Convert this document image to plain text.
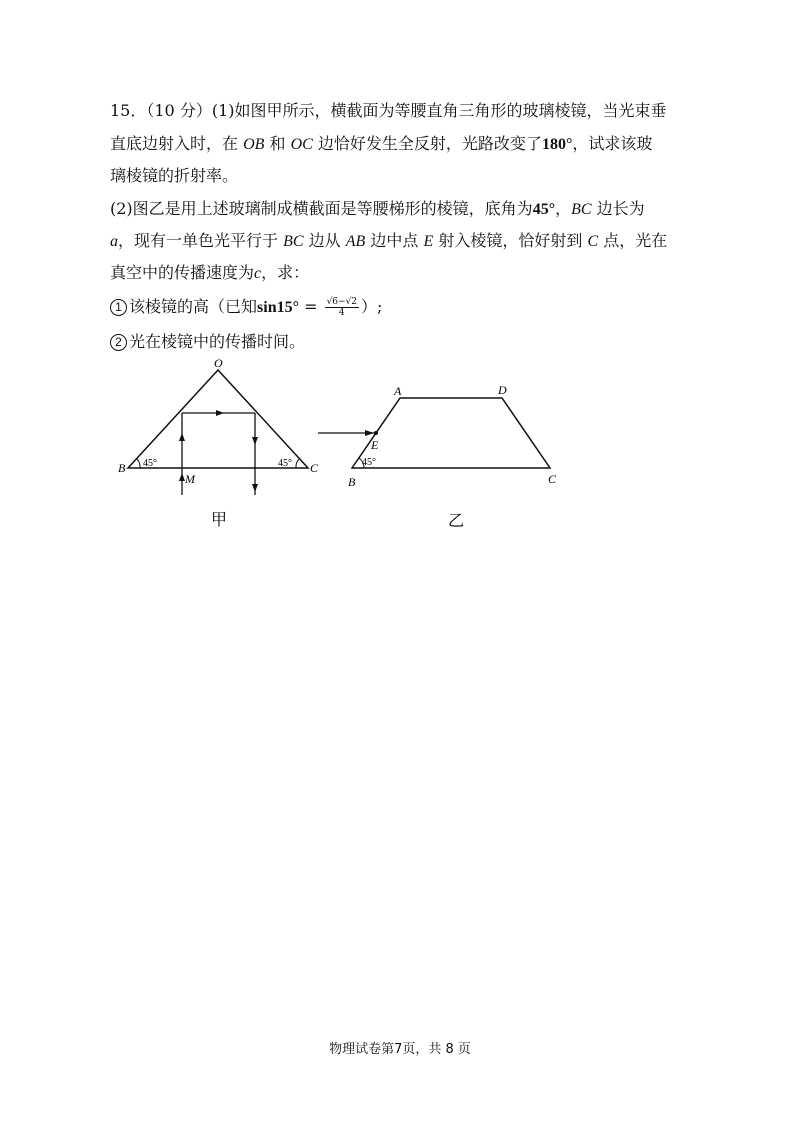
15．（10 分）(1)如图甲所示，横截面为等腰直角三角形的玻璃棱镜，当光束垂
直底边射入时，在 OB 和 OC 边恰好发生全反射，光路改变了180°，试求该玻
璃棱镜的折射率。
(2)图乙是用上述玻璃制成横截面是等腰梯形的棱镜，底角为45°，BC 边长为
a，现有一单色光平行于 BC 边从 AB 边中点 E 射入棱镜，恰好射到 C 点，光在
真空中的传播速度为c，求：
1 该棱镜的高（已知$\sin 15^\circ = \frac{√6-√2}{4}$ ）;
2 光在棱镜中的传播时间。
O
B	C
M
45°	45°
甲
A	D
E
B	C
45°
乙
物理试卷第7页，共 8 页
